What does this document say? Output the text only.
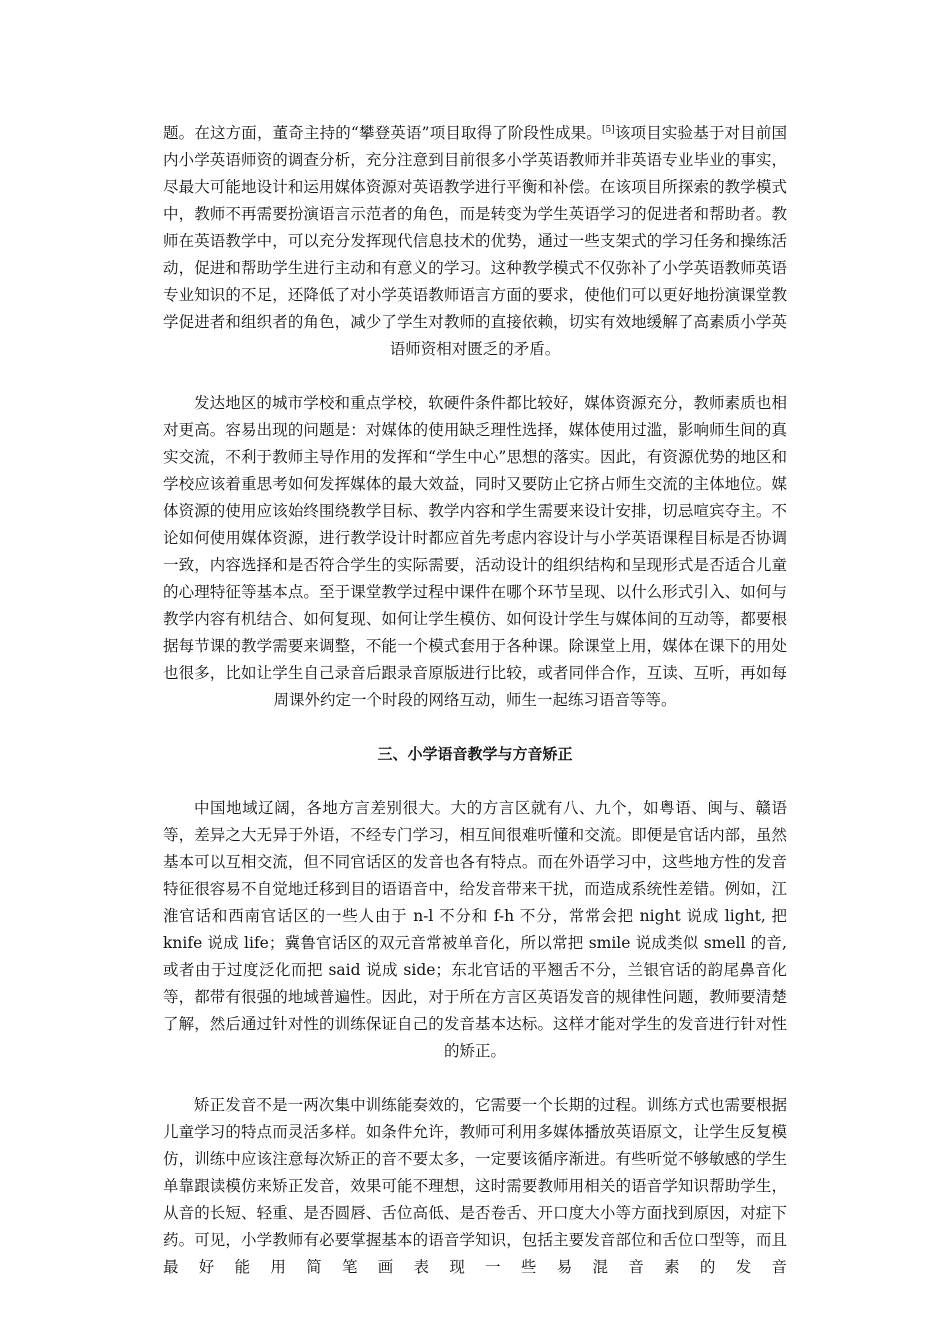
题。在这方面，董奇主持的“攀登英语”项目取得了阶段性成果。[5]该项目实验基于对目前国内小学英语师资的调查分析，充分注意到目前很多小学英语教师并非英语专业毕业的事实，尽最大可能地设计和运用媒体资源对英语教学进行平衡和补偿。在该项目所探索的教学模式中，教师不再需要扮演语言示范者的角色，而是转变为学生英语学习的促进者和帮助者。教师在英语教学中，可以充分发挥现代信息技术的优势，通过一些支架式的学习任务和操练活动，促进和帮助学生进行主动和有意义的学习。这种教学模式不仅弥补了小学英语教师英语专业知识的不足，还降低了对小学英语教师语言方面的要求，使他们可以更好地扮演课堂教学促进者和组织者的角色，减少了学生对教师的直接依赖，切实有效地缓解了高素质小学英语师资相对匮乏的矛盾。

发达地区的城市学校和重点学校，软硬件条件都比较好，媒体资源充分，教师素质也相对更高。容易出现的问题是：对媒体的使用缺乏理性选择，媒体使用过滥，影响师生间的真实交流，不利于教师主导作用的发挥和“学生中心”思想的落实。因此，有资源优势的地区和学校应该着重思考如何发挥媒体的最大效益，同时又要防止它挤占师生交流的主体地位。媒体资源的使用应该始终围绕教学目标、教学内容和学生需要来设计安排，切忌喧宾夺主。不论如何使用媒体资源，进行教学设计时都应首先考虑内容设计与小学英语课程目标是否协调一致，内容选择和是否符合学生的实际需要，活动设计的组织结构和呈现形式是否适合儿童的心理特征等基本点。至于课堂教学过程中课件在哪个环节呈现、以什么形式引入、如何与教学内容有机结合、如何复现、如何让学生模仿、如何设计学生与媒体间的互动等，都要根据每节课的教学需要来调整，不能一个模式套用于各种课。除课堂上用，媒体在课下的用处也很多，比如让学生自己录音后跟录音原版进行比较，或者同伴合作，互读、互听，再如每周课外约定一个时段的网络互动，师生一起练习语音等等。

三、小学语音教学与方音矫正

中国地域辽阔，各地方言差别很大。大的方言区就有八、九个，如粤语、闽与、赣语等，差异之大无异于外语，不经专门学习，相互间很难听懂和交流。即便是官话内部，虽然基本可以互相交流，但不同官话区的发音也各有特点。而在外语学习中，这些地方性的发音特征很容易不自觉地迁移到目的语语音中，给发音带来干扰，而造成系统性差错。例如，江淮官话和西南官话区的一些人由于 n-l 不分和 f-h 不分，常常会把 night 说成 light, 把 knife 说成 life；冀鲁官话区的双元音常被单音化，所以常把 smile 说成类似 smell 的音, 或者由于过度泛化而把 said 说成 side；东北官话的平翘舌不分，兰银官话的韵尾鼻音化等，都带有很强的地域普遍性。因此，对于所在方言区英语发音的规律性问题，教师要清楚了解，然后通过针对性的训练保证自己的发音基本达标。这样才能对学生的发音进行针对性的矫正。

矫正发音不是一两次集中训练能奏效的，它需要一个长期的过程。训练方式也需要根据儿童学习的特点而灵活多样。如条件允许，教师可利用多媒体播放英语原文，让学生反复模仿，训练中应该注意每次矫正的音不要太多，一定要该循序渐进。有些听觉不够敏感的学生单靠跟读模仿来矫正发音，效果可能不理想，这时需要教师用相关的语音学知识帮助学生，从音的长短、轻重、是否圆唇、舌位高低、是否卷舌、开口度大小等方面找到原因，对症下药。可见，小学教师有必要掌握基本的语音学知识，包括主要发音部位和舌位口型等，而且最好能用简笔画表现一些易混音素的发音
